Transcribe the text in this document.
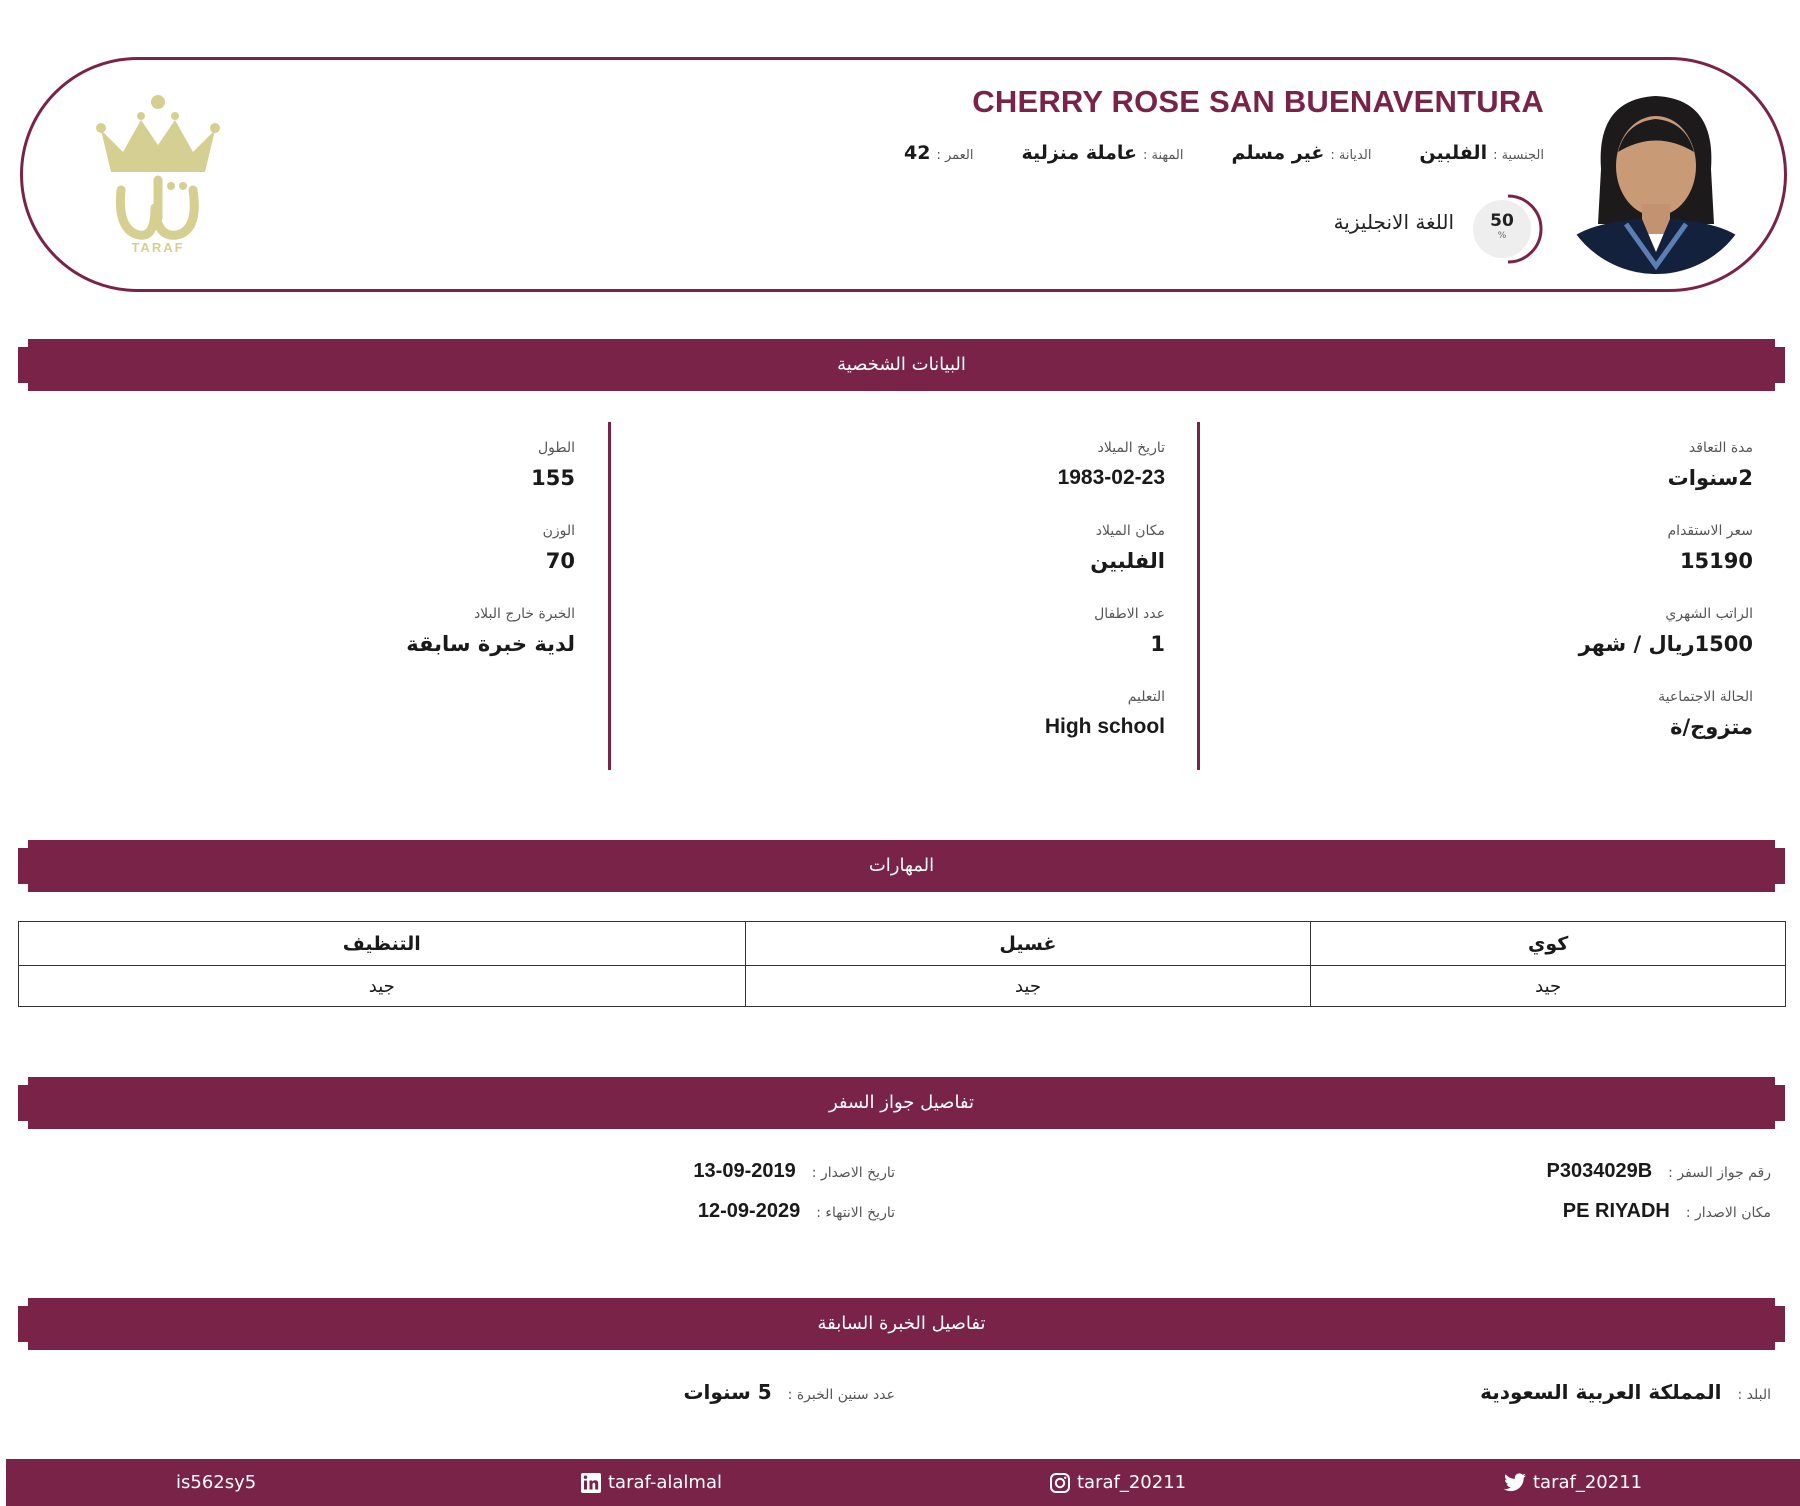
CHERRY ROSE SAN BUENAVENTURA
الجنسية :الفلبين
الديانة :غير مسلم
المهنة :عاملة منزلية
العمر :42
50
%
اللغة الانجليزية
TARAF
البيانات الشخصية
مدة التعاقد
2سنوات
سعر الاستقدام
15190
الراتب الشهري
1500ريال / شهر
الحالة الاجتماعية
متزوج/ة
تاريخ الميلاد
1983-02-23
مكان الميلاد
الفلبين
عدد الاطفال
1
التعليم
High school
الطول
155
الوزن
70
الخبرة خارج البلاد
لدية خبرة سابقة
المهارات
كوي	غسيل	التنظيف
جيد	جيد	جيد
تفاصيل جواز السفر
رقم جواز السفر :P3034029B
مكان الاصدار :PE RIYADH
تاريخ الاصدار :2019-09-13
تاريخ الانتهاء :2029-09-12
تفاصيل الخبرة السابقة
البلد :المملكة العربية السعودية
عدد سنين الخبرة :5 سنوات
taraf_20211
taraf_20211
taraf-alalmal
is562sy5
